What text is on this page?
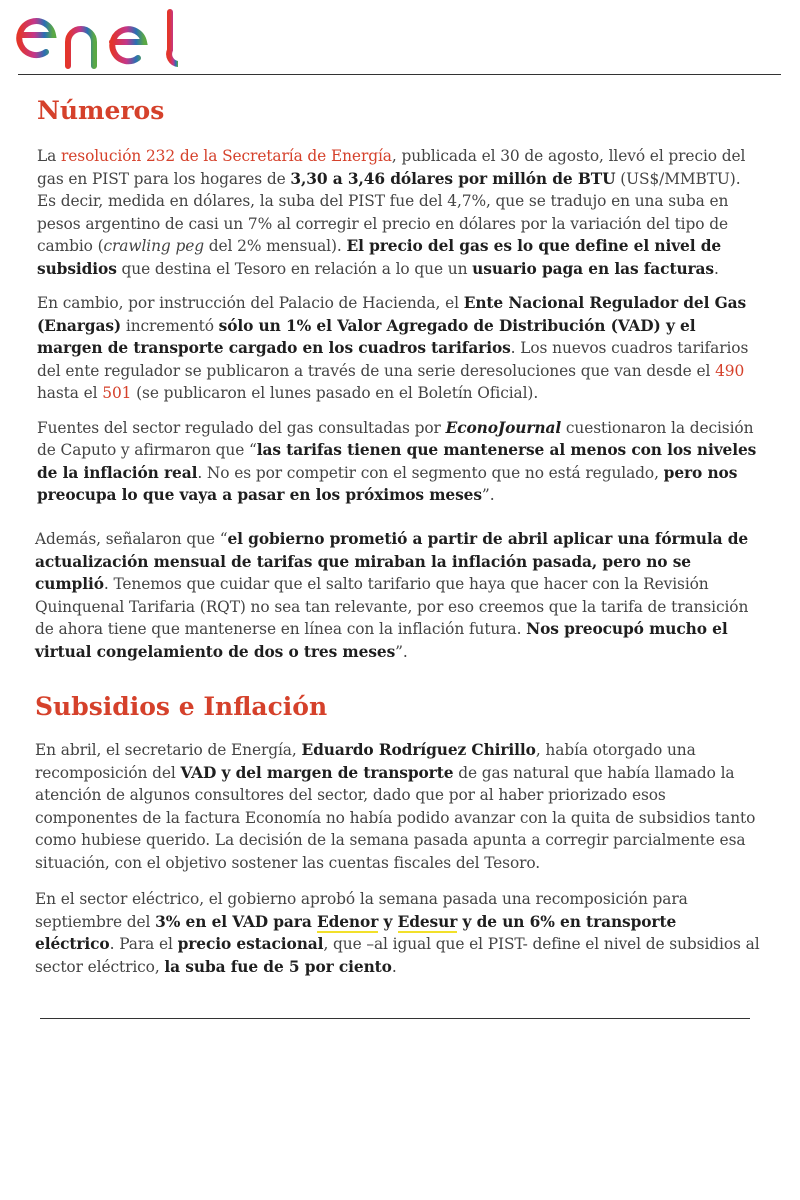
Números

La resolución 232 de la Secretaría de Energía, publicada el 30 de agosto, llevó el precio del gas en PIST para los hogares de 3,30 a 3,46 dólares por millón de BTU (US$/MMBTU). Es decir, medida en dólares, la suba del PIST fue del 4,7%, que se tradujo en una suba en pesos argentino de casi un 7% al corregir el precio en dólares por la variación del tipo de cambio (crawling peg del 2% mensual). El precio del gas es lo que define el nivel de subsidios que destina el Tesoro en relación a lo que un usuario paga en las facturas.

En cambio, por instrucción del Palacio de Hacienda, el Ente Nacional Regulador del Gas (Enargas) incrementó sólo un 1% el Valor Agregado de Distribución (VAD) y el margen de transporte cargado en los cuadros tarifarios. Los nuevos cuadros tarifarios del ente regulador se publicaron a través de una serie deresoluciones que van desde el 490 hasta el 501 (se publicaron el lunes pasado en el Boletín Oficial).

Fuentes del sector regulado del gas consultadas por EconoJournal cuestionaron la decisión de Caputo y afirmaron que “las tarifas tienen que mantenerse al menos con los niveles de la inflación real. No es por competir con el segmento que no está regulado, pero nos preocupa lo que vaya a pasar en los próximos meses”.

Además, señalaron que “el gobierno prometió a partir de abril aplicar una fórmula de actualización mensual de tarifas que miraban la inflación pasada, pero no se cumplió. Tenemos que cuidar que el salto tarifario que haya que hacer con la Revisión Quinquenal Tarifaria (RQT) no sea tan relevante, por eso creemos que la tarifa de transición de ahora tiene que mantenerse en línea con la inflación futura. Nos preocupó mucho el virtual congelamiento de dos o tres meses”.

Subsidios e Inflación

En abril, el secretario de Energía, Eduardo Rodríguez Chirillo, había otorgado una recomposición del VAD y del margen de transporte de gas natural que había llamado la atención de algunos consultores del sector, dado que por al haber priorizado esos componentes de la factura Economía no había podido avanzar con la quita de subsidios tanto como hubiese querido. La decisión de la semana pasada apunta a corregir parcialmente esa situación, con el objetivo sostener las cuentas fiscales del Tesoro.

En el sector eléctrico, el gobierno aprobó la semana pasada una recomposición para septiembre del 3% en el VAD para Edenor y Edesur y de un 6% en transporte eléctrico. Para el precio estacional, que –al igual que el PIST- define el nivel de subsidios al sector eléctrico, la suba fue de 5 por ciento.
